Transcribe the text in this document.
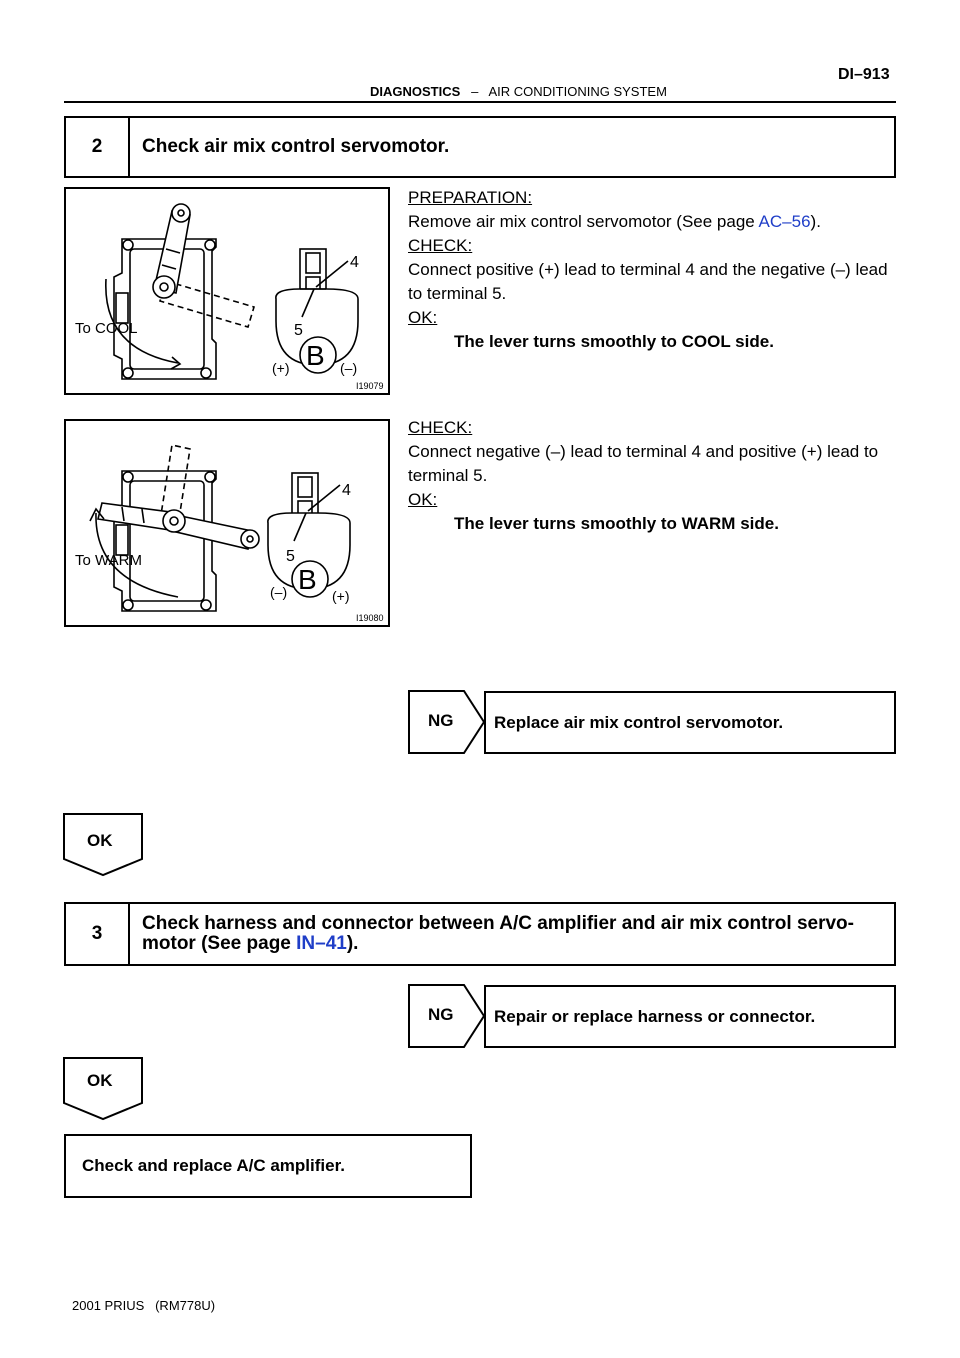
DIAGNOSTICS – AIR CONDITIONING SYSTEM
DI–913
2	Check air mix control servomotor.
To COOL
4
5
B
(+)	(–)
I19079
PREPARATION:
Remove air mix control servomotor (See page AC–56).
CHECK:
Connect positive (+) lead to terminal 4 and the negative (–) lead to terminal 5.
OK:
The lever turns smoothly to COOL side.
To WARM
4
5
B
(–)	(+)
I19080
CHECK:
Connect negative (–) lead to terminal 4 and positive (+) lead to terminal 5.
OK:
The lever turns smoothly to WARM side.
NG Replace air mix control servomotor.
OK
3	Check harness and connector between A/C amplifier and air mix control servo-motor (See page IN–41).
NG Repair or replace harness or connector.
OK
Check and replace A/C amplifier.
2001 PRIUS   (RM778U)
